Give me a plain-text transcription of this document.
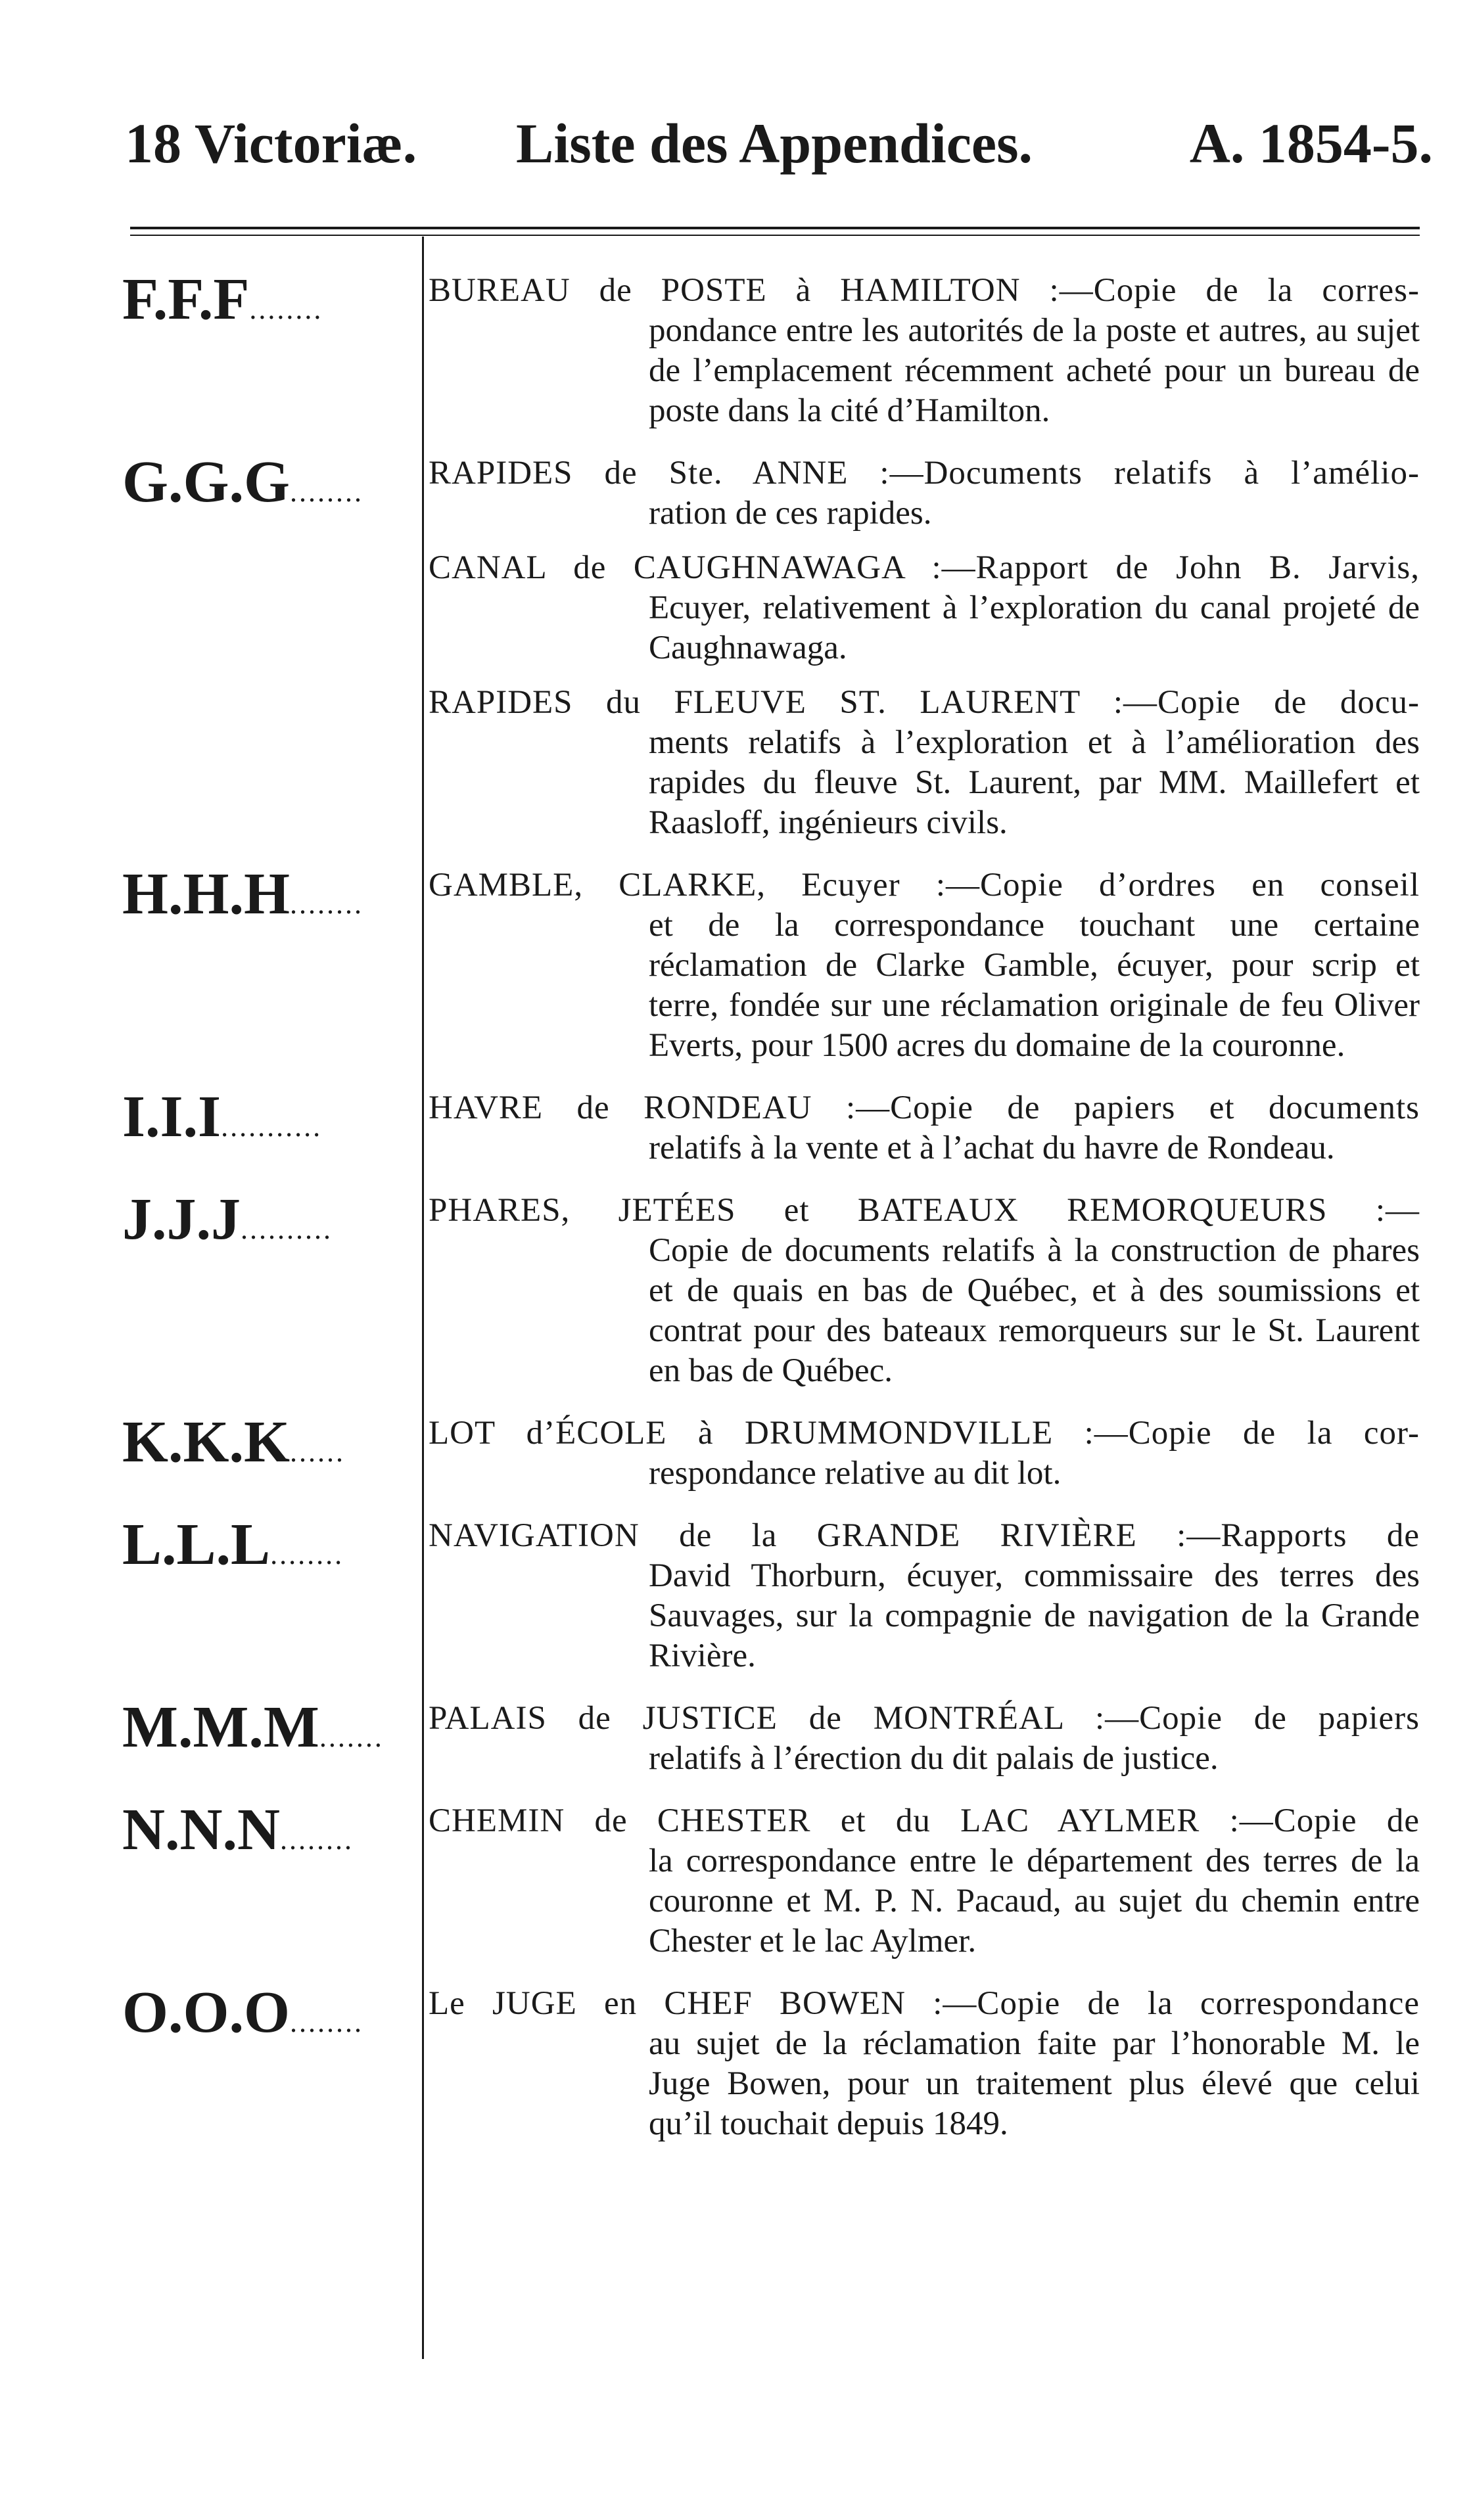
18 Victoriæ. Liste des Appendices.	A. 1854-5.
F.F.F........
BUREAU de POSTE à HAMILTON :—Copie de la corres-
pondance entre les autorités de la poste et autres, au sujet de l’emplacement récemment acheté pour un bureau de poste dans la cité d’Hamilton.
G.G.G........
RAPIDES de Ste. ANNE :—Documents relatifs à l’amélio-
ration de ces rapides.
CANAL de CAUGHNAWAGA :—Rapport de John B. Jarvis,
Ecuyer, relativement à l’exploration du canal projeté de Caughnawaga.
RAPIDES du FLEUVE ST. LAURENT :—Copie de docu-
ments relatifs à l’exploration et à l’amélioration des rapides du fleuve St. Laurent, par MM. Maillefert et Raasloff, ingénieurs civils.
H.H.H........
GAMBLE, CLARKE, Ecuyer :—Copie d’ordres en conseil
et de la correspondance touchant une certaine réclamation de Clarke Gamble, écuyer, pour scrip et terre, fondée sur une réclamation originale de feu Oliver Everts, pour 1500 acres du domaine de la couronne.
I.I.I...........
HAVRE de RONDEAU :—Copie de papiers et documents
relatifs à la vente et à l’achat du havre de Rondeau.
J.J.J..........
PHARES, JETÉES et BATEAUX REMORQUEURS :—
Copie de documents relatifs à la construction de phares et de quais en bas de Québec, et à des soumissions et contrat pour des bateaux remorqueurs sur le St. Laurent en bas de Québec.
K.K.K......
LOT d’ÉCOLE à DRUMMONDVILLE :—Copie de la cor-
respondance relative au dit lot.
L.L.L........
NAVIGATION de la GRANDE RIVIÈRE :—Rapports de
David Thorburn, écuyer, commissaire des terres des Sauvages, sur la compagnie de navigation de la Grande Rivière.
M.M.M.......
PALAIS de JUSTICE de MONTRÉAL :—Copie de papiers
relatifs à l’érection du dit palais de justice.
N.N.N........
CHEMIN de CHESTER et du LAC AYLMER :—Copie de
la correspondance entre le département des terres de la couronne et M. P. N. Pacaud, au sujet du chemin entre Chester et le lac Aylmer.
O.O.O........
Le JUGE en CHEF BOWEN :—Copie de la correspondance
au sujet de la réclamation faite par l’honorable M. le Juge Bowen, pour un traitement plus élevé que celui qu’il touchait depuis 1849.
